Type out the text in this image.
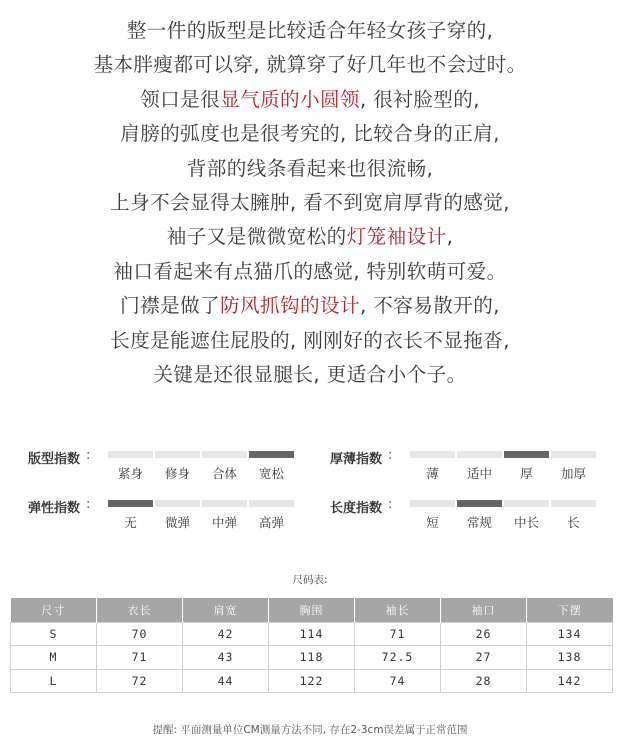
整一件的版型是比较适合年轻女孩子穿的,
基本胖瘦都可以穿, 就算穿了好几年也不会过时。
领口是很显气质的小圆领, 很衬脸型的,
肩膀的弧度也是很考究的, 比较合身的正肩,
背部的线条看起来也很流畅,
上身不会显得太臃肿, 看不到宽肩厚背的感觉,
袖子又是微微宽松的灯笼袖设计,
袖口看起来有点猫爪的感觉, 特别软萌可爱。
门襟是做了防风抓钩的设计, 不容易散开的,
长度是能遮住屁股的, 刚刚好的衣长不显拖沓,
关键是还很显腿长, 更适合小个子。
版型指数 :
紧身	修身	合体	宽松
厚薄指数 :
薄	适中	厚	加厚
弹性指数 :
无	微弹	中弹	高弹
长度指数 :
短	常规	中长	长
尺码表:
尺寸	衣长	肩宽	胸围	袖长	袖口	下摆
S	70	42	114	71	26	134
M	71	43	118	72.5	27	138
L	72	44	122	74	28	142
提醒: 平面测量单位CM测量方法不同, 存在2-3cm误差属于正常范围
